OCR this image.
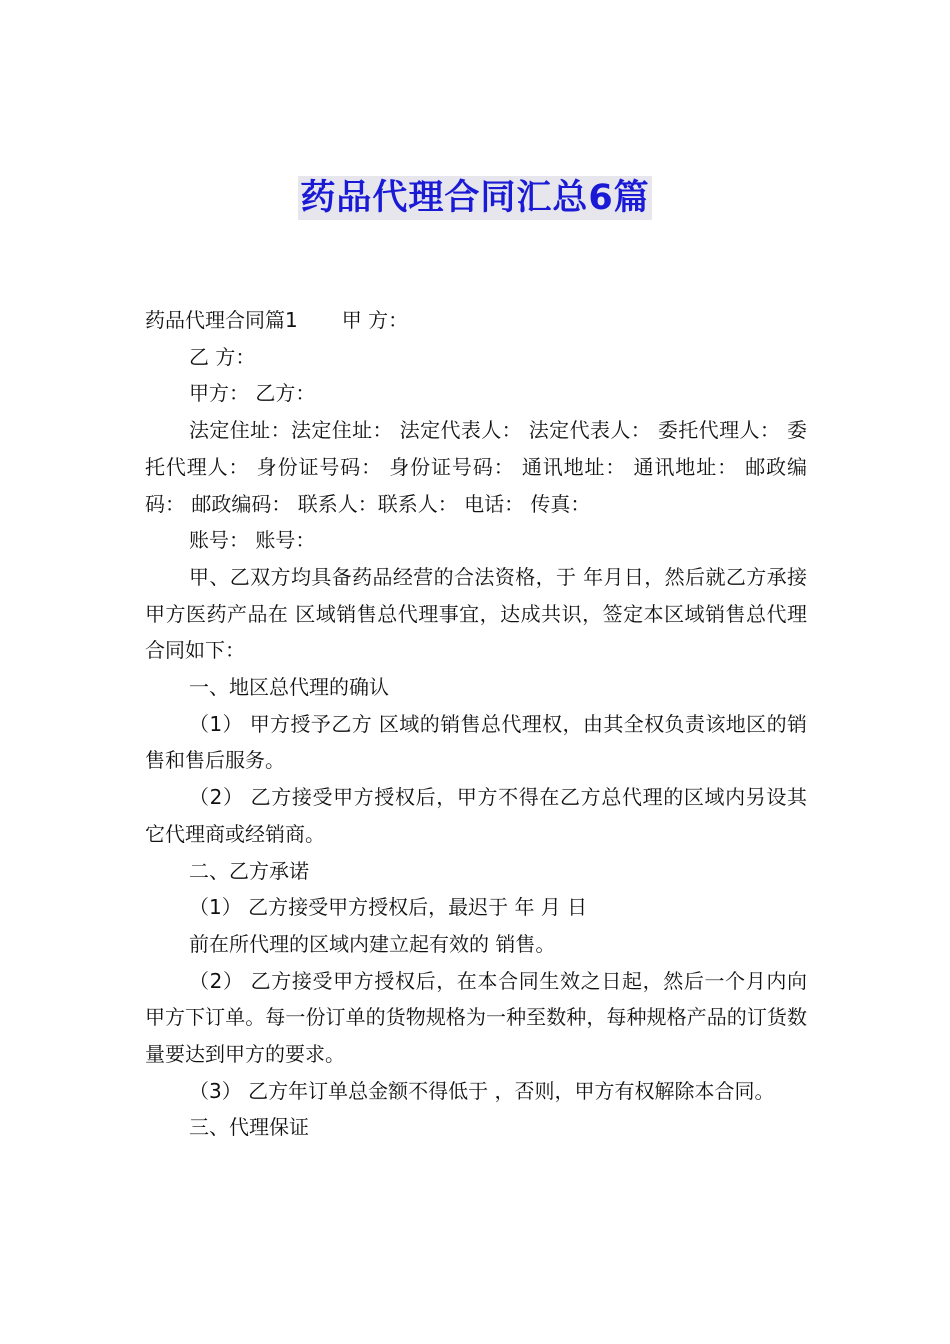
药品代理合同汇总6篇

药品代理合同篇1 甲 方：

乙 方：

甲方： 乙方：

法定住址：法定住址： 法定代表人： 法定代表人： 委托代理人： 委托代理人： 身份证号码： 身份证号码： 通讯地址： 通讯地址： 邮政编码： 邮政编码： 联系人：联系人： 电话： 传真：

账号： 账号：

甲、乙双方均具备药品经营的合法资格，于 年月日，然后就乙方承接甲方医药产品在 区域销售总代理事宜，达成共识，签定本区域销售总代理合同如下：

一、地区总代理的确认

（1） 甲方授予乙方 区域的销售总代理权，由其全权负责该地区的销售和售后服务。

（2） 乙方接受甲方授权后，甲方不得在乙方总代理的区域内另设其它代理商或经销商。

二、乙方承诺

（1） 乙方接受甲方授权后，最迟于 年 月 日

前在所代理的区域内建立起有效的 销售。

（2） 乙方接受甲方授权后，在本合同生效之日起，然后一个月内向甲方下订单。每一份订单的货物规格为一种至数种，每种规格产品的订货数量要达到甲方的要求。

（3） 乙方年订单总金额不得低于 ，否则，甲方有权解除本合同。

三、代理保证
